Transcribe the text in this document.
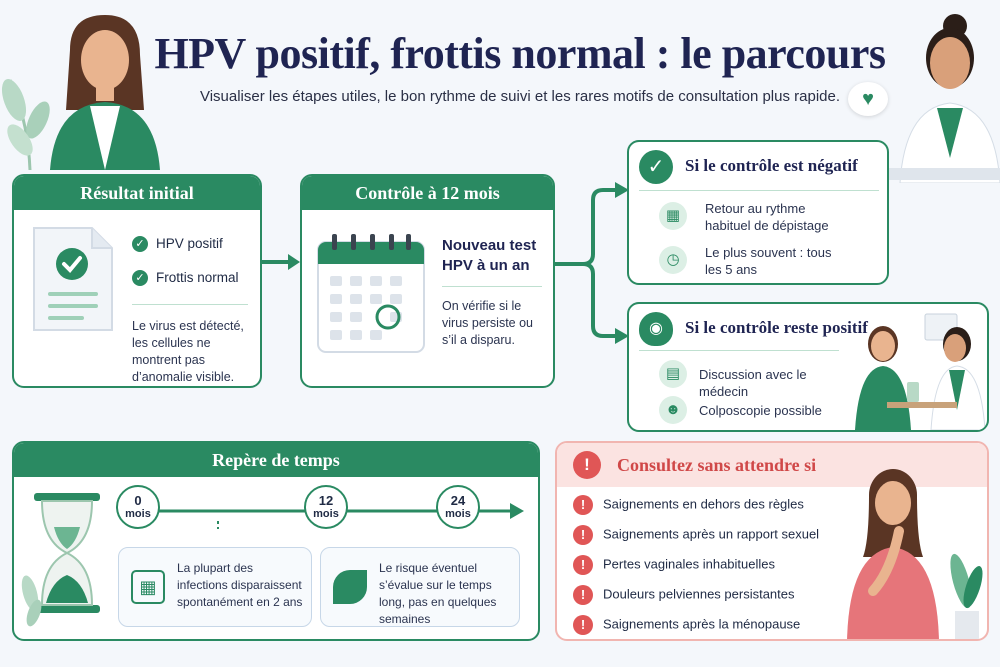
♥
HPV positif, frottis normal : le parcours
Visualiser les étapes utiles, le bon rythme de suivi et les rares motifs de consultation plus rapide.
Résultat initial
✓ HPV positif
✓ Frottis normal
Le virus est détecté, les cellules ne montrent pas d’anomalie visible.
Contrôle à 12 mois
Nouveau test HPV à un an
On vérifie si le virus persiste ou s’il a disparu.
✓	Si le contrôle est négatif
▦	Retour au rythme habituel de dépistage
◷	Le plus souvent : tous les 5 ans
◉	Si le contrôle reste positif
▤	Discussion avec le médecin
☻	Colposcopie possible
Repère de temps
0
mois
12
mois
24
mois
▦
La plupart des infections disparaissent spontanément en 2 ans
Le risque éventuel s’évalue sur le temps long, pas en quelques semaines
!	Consultez sans attendre si
! Saignements en dehors des règles
! Saignements après un rapport sexuel
! Pertes vaginales inhabituelles
! Douleurs pelviennes persistantes
! Saignements après la ménopause
